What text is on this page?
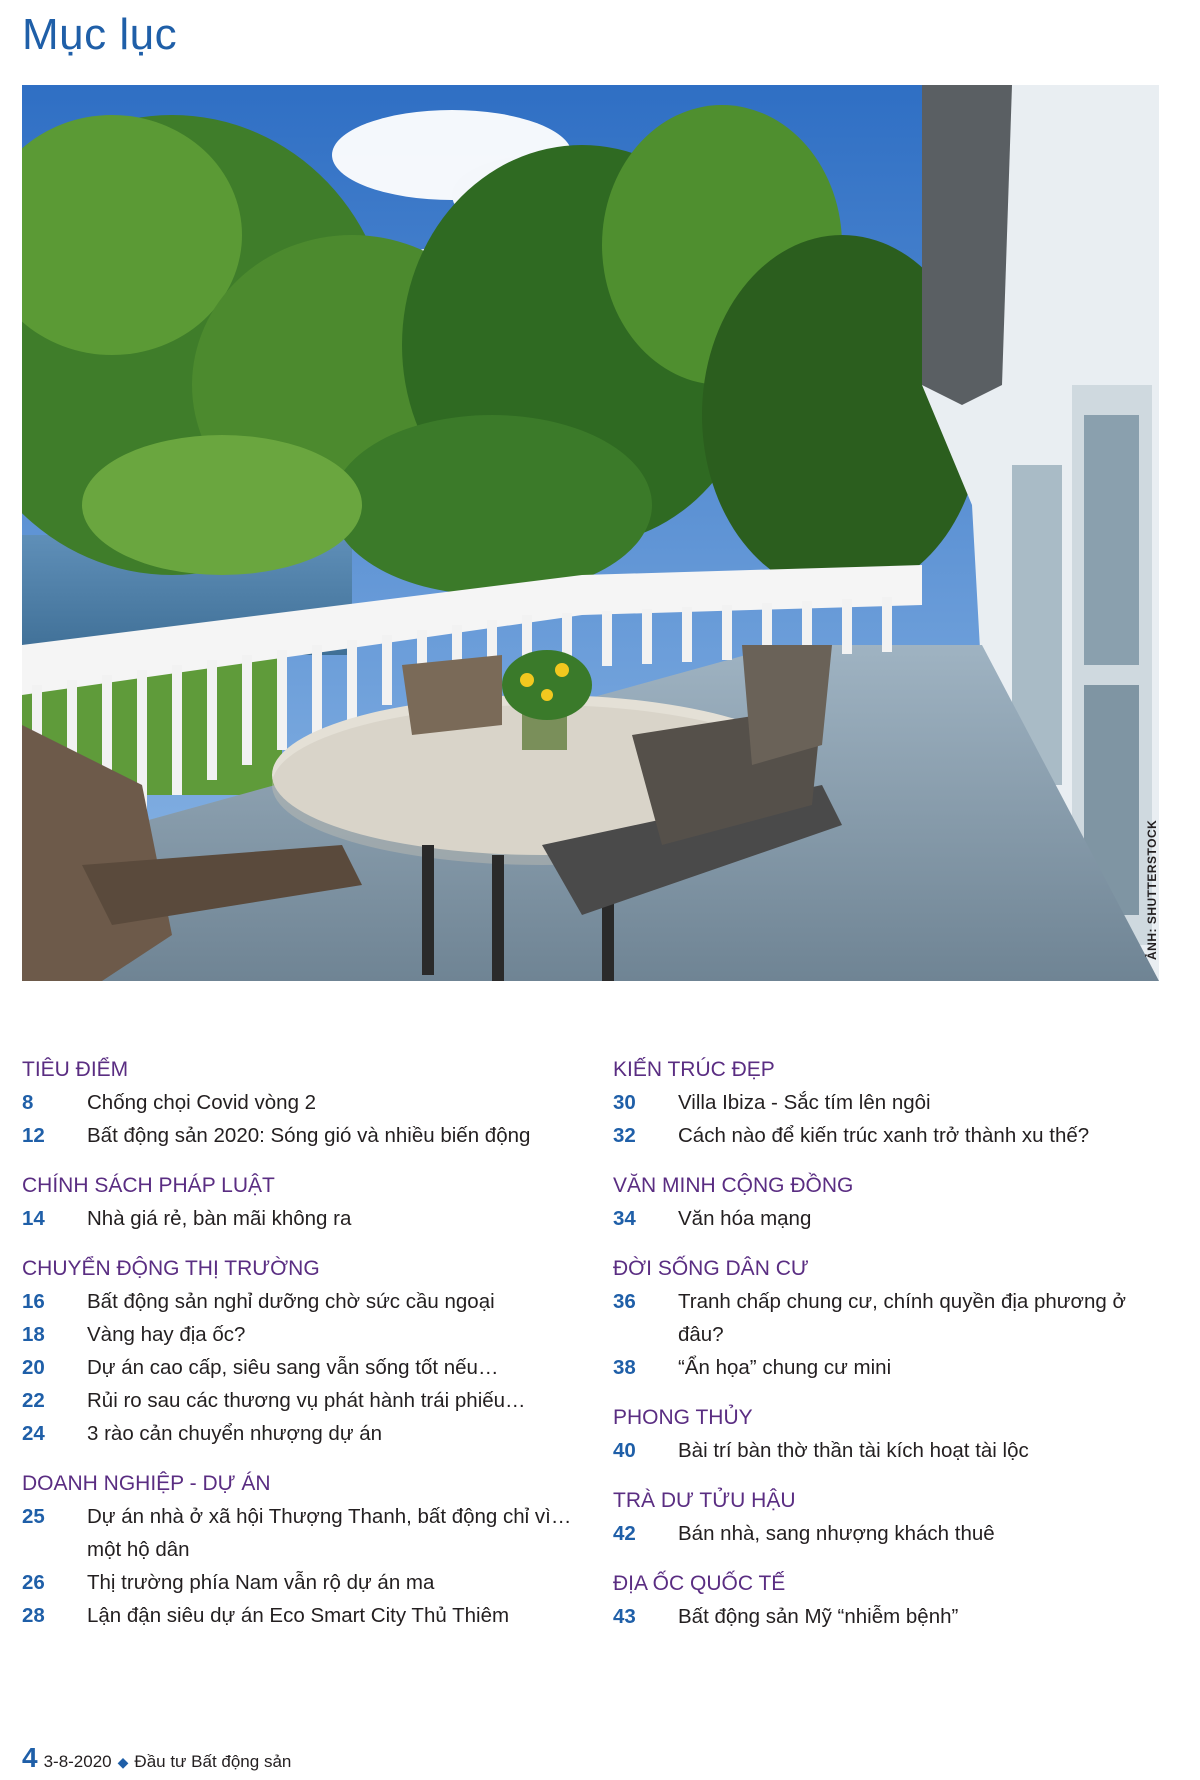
Mục lục
ẢNH: SHUTTERSTOCK
TIÊU ĐIỂM
8	Chống chọi Covid vòng 2
12	Bất động sản 2020: Sóng gió và nhiều biến động
CHÍNH SÁCH PHÁP LUẬT
14	Nhà giá rẻ, bàn mãi không ra
CHUYỂN ĐỘNG THỊ TRƯỜNG
16	Bất động sản nghỉ dưỡng chờ sức cầu ngoại
18	Vàng hay địa ốc?
20	Dự án cao cấp, siêu sang vẫn sống tốt nếu…
22	Rủi ro sau các thương vụ phát hành trái phiếu…
24	3 rào cản chuyển nhượng dự án
DOANH NGHIỆP - DỰ ÁN
25	Dự án nhà ở xã hội Thượng Thanh, bất động chỉ vì… một hộ dân
26	Thị trường phía Nam vẫn rộ dự án ma
28	Lận đận siêu dự án Eco Smart City Thủ Thiêm
KIẾN TRÚC ĐẸP
30	Villa Ibiza - Sắc tím lên ngôi
32	Cách nào để kiến trúc xanh trở thành xu thế?
VĂN MINH CỘNG ĐỒNG
34	Văn hóa mạng
ĐỜI SỐNG DÂN CƯ
36	Tranh chấp chung cư, chính quyền địa phương ở đâu?
38	“Ẩn họa” chung cư mini
PHONG THỦY
40	Bài trí bàn thờ thần tài kích hoạt tài lộc
TRÀ DƯ TỬU HẬU
42	Bán nhà, sang nhượng khách thuê
ĐỊA ỐC QUỐC TẾ
43	Bất động sản Mỹ “nhiễm bệnh”
4 3-8-2020 ◆ Đầu tư Bất động sản
